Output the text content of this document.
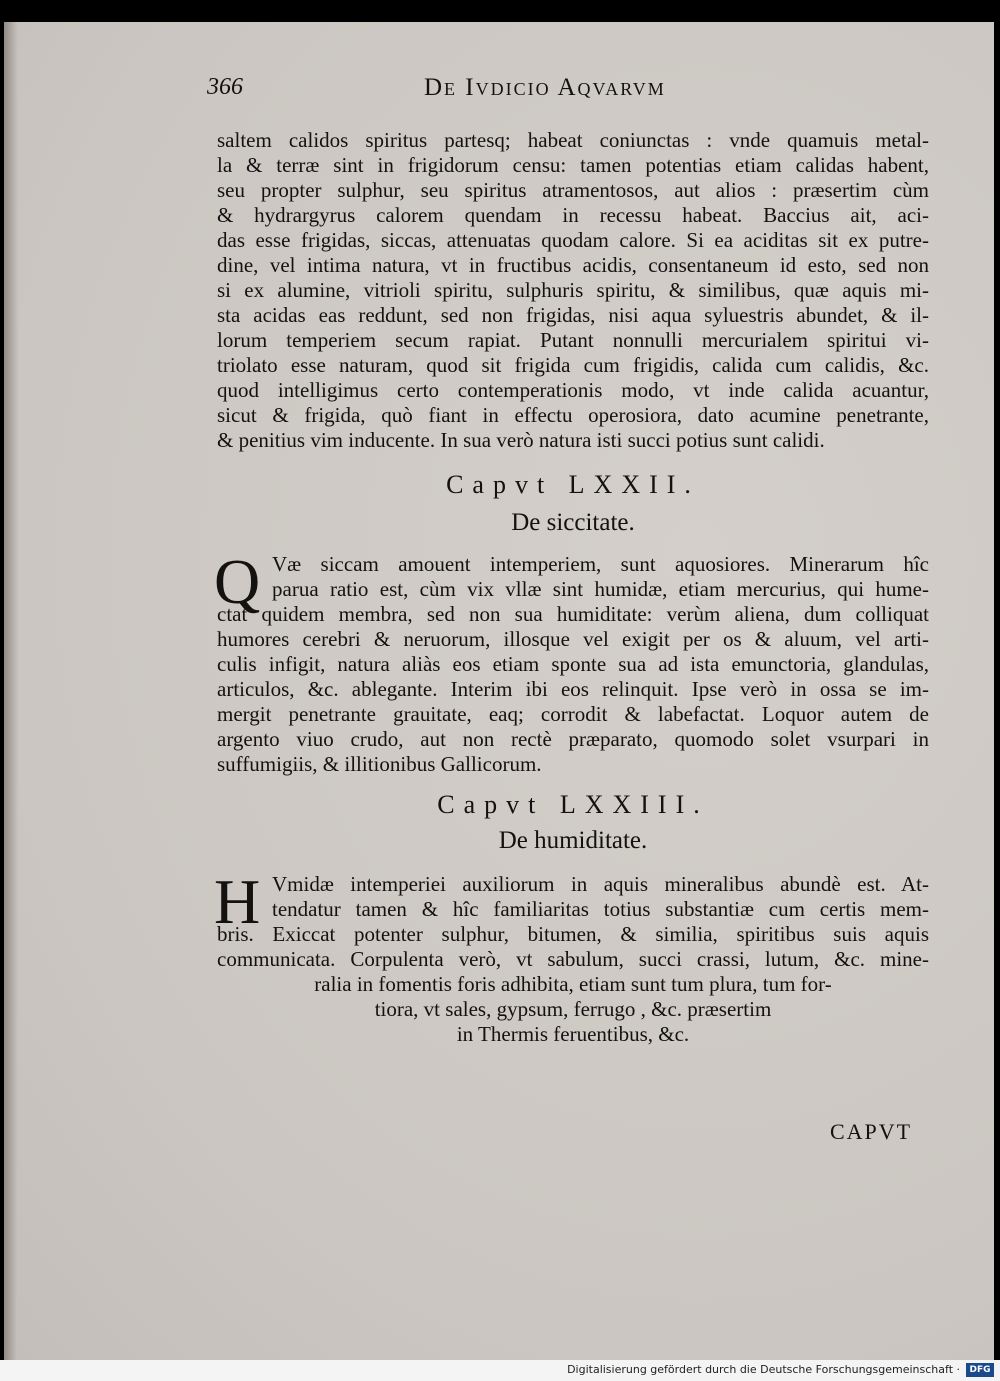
366	De Ivdicio Aqvarvm
saltem calidos spiritus partesq; habeat coniunctas : vnde quamuis metal-
la & terræ sint in frigidorum censu: tamen potentias etiam calidas habent,
seu propter sulphur, seu spiritus atramentosos, aut alios : præsertim cùm
& hydrargyrus calorem quendam in recessu habeat. Baccius ait, aci-
das esse frigidas, siccas, attenuatas quodam calore. Si ea aciditas sit ex putre-
dine, vel intima natura, vt in fructibus acidis, consentaneum id esto, sed non
si ex alumine, vitrioli spiritu, sulphuris spiritu, & similibus, quæ aquis mi-
sta acidas eas reddunt, sed non frigidas, nisi aqua syluestris abundet, & il-
lorum temperiem secum rapiat. Putant nonnulli mercurialem spiritui vi-
triolato esse naturam, quod sit frigida cum frigidis, calida cum calidis, &c.
quod intelligimus certo contemperationis modo, vt inde calida acuantur,
sicut & frigida, quò fiant in effectu operosiora, dato acumine penetrante,
& penitius vim inducente. In sua verò natura isti succi potius sunt calidi.
Capvt LXXII.
De siccitate.
Q Væ siccam amouent intemperiem, sunt aquosiores. Minerarum hîc
parua ratio est, cùm vix vllæ sint humidæ, etiam mercurius, qui hume-
ctat quidem membra, sed non sua humiditate: verùm aliena, dum colliquat
humores cerebri & neruorum, illosque vel exigit per os & aluum, vel arti-
culis infigit, natura aliàs eos etiam sponte sua ad ista emunctoria, glandulas,
articulos, &c. ablegante. Interim ibi eos relinquit. Ipse verò in ossa se im-
mergit penetrante grauitate, eaq; corrodit & labefactat. Loquor autem de
argento viuo crudo, aut non rectè præparato, quomodo solet vsurpari in
suffumigiis, & illitionibus Gallicorum.
Capvt LXXIII.
De humiditate.
H Vmidæ intemperiei auxiliorum in aquis mineralibus abundè est. At-
tendatur tamen & hîc familiaritas totius substantiæ cum certis mem-
bris. Exiccat potenter sulphur, bitumen, & similia, spiritibus suis aquis
communicata. Corpulenta verò, vt sabulum, succi crassi, lutum, &c. mine-
ralia in fomentis foris adhibita, etiam sunt tum plura, tum for-
tiora, vt sales, gypsum, ferrugo , &c. præsertim
in Thermis feruentibus, &c.
CAPVT
Digitalisierung gefördert durch die Deutsche Forschungsgemeinschaft ·	DFG
